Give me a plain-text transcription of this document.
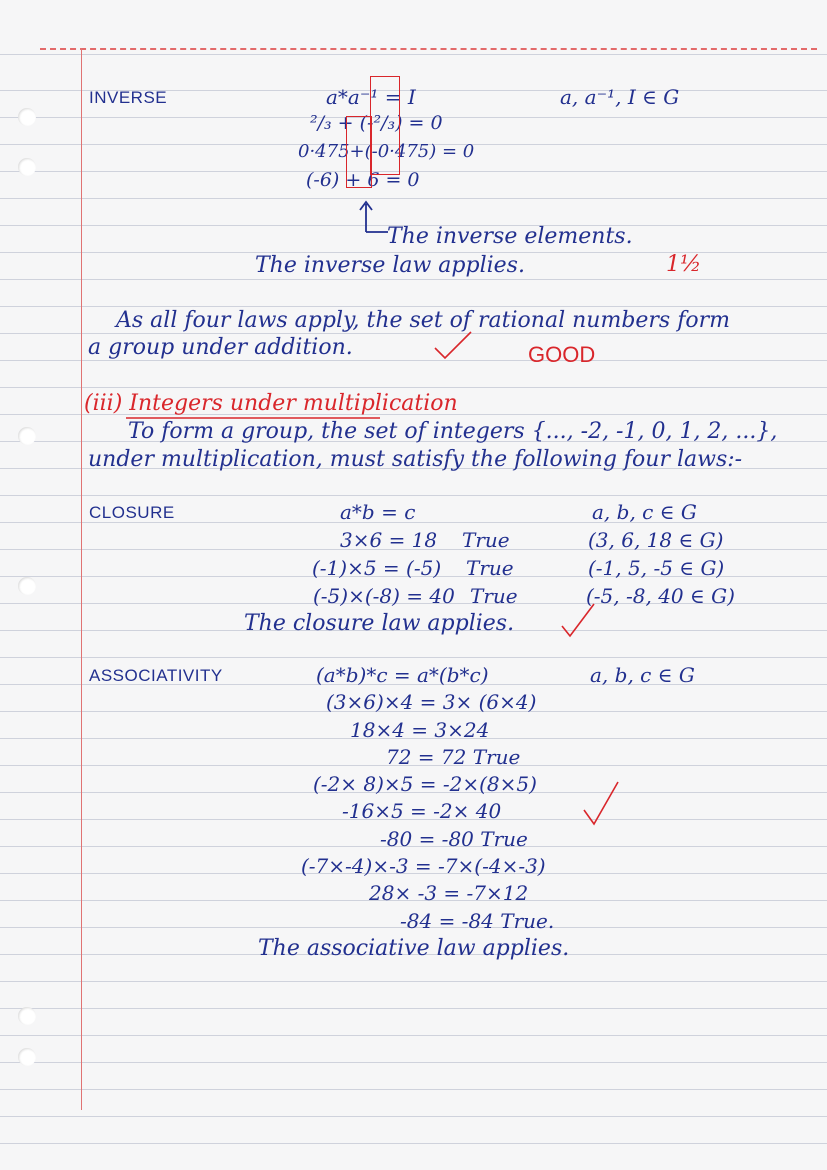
INVERSE	a*a⁻¹ = I	a, a⁻¹, I ∈ G
²/₃ + (-²/₃) = 0
0·475+(-0·475) = 0
(-6) + 6 = 0
The inverse elements.
The inverse law applies.	1½
As all four laws apply, the set of rational numbers form
a group under addition.	GOOD
(iii) Integers under multiplication
To form a group, the set of integers {..., -2, -1, 0, 1, 2, ...},
under multiplication, must satisfy the following four laws:-
CLOSURE	a*b = c	a, b, c ∈ G
3×6 = 18 True	(3, 6, 18 ∈ G)
(-1)×5 = (-5) True	(-1, 5, -5 ∈ G)
(-5)×(-8) = 40 True	(-5, -8, 40 ∈ G)
The closure law applies.
ASSOCIATIVITY	(a*b)*c = a*(b*c)	a, b, c ∈ G
(3×6)×4 = 3× (6×4)
18×4 = 3×24
72 = 72 True
(-2× 8)×5 = -2×(8×5)
-16×5 = -2× 40
-80 = -80 True
(-7×-4)×-3 = -7×(-4×-3)
28× -3 = -7×12
-84 = -84 True.
The associative law applies.
